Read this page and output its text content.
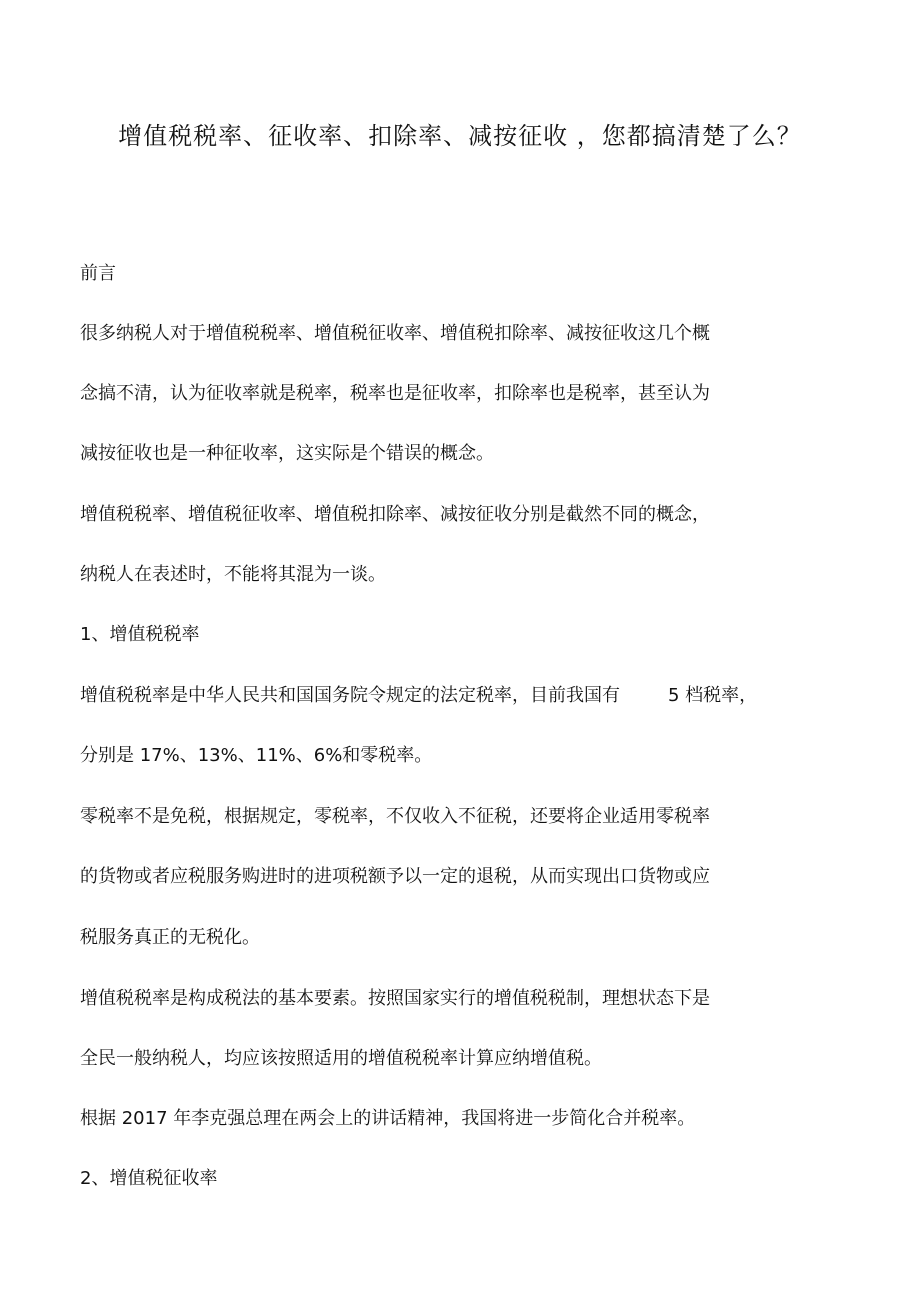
增值税税率、征收率、扣除率、减按征收 ，您都搞清楚了么？
前言
很多纳税人对于增值税税率、增值税征收率、增值税扣除率、减按征收这几个概
念搞不清，认为征收率就是税率，税率也是征收率，扣除率也是税率，甚至认为
减按征收也是一种征收率，这实际是个错误的概念。
增值税税率、增值税征收率、增值税扣除率、减按征收分别是截然不同的概念，
纳税人在表述时，不能将其混为一谈。
1、增值税税率
增值税税率是中华人民共和国国务院令规定的法定税率，目前我国有	5 档税率，
分别是 17%、13%、11%、6%和零税率。
零税率不是免税，根据规定，零税率，不仅收入不征税，还要将企业适用零税率
的货物或者应税服务购进时的进项税额予以一定的退税，从而实现出口货物或应
税服务真正的无税化。
增值税税率是构成税法的基本要素。按照国家实行的增值税税制，理想状态下是
全民一般纳税人，均应该按照适用的增值税税率计算应纳增值税。
根据 2017 年李克强总理在两会上的讲话精神，我国将进一步简化合并税率。
2、增值税征收率
